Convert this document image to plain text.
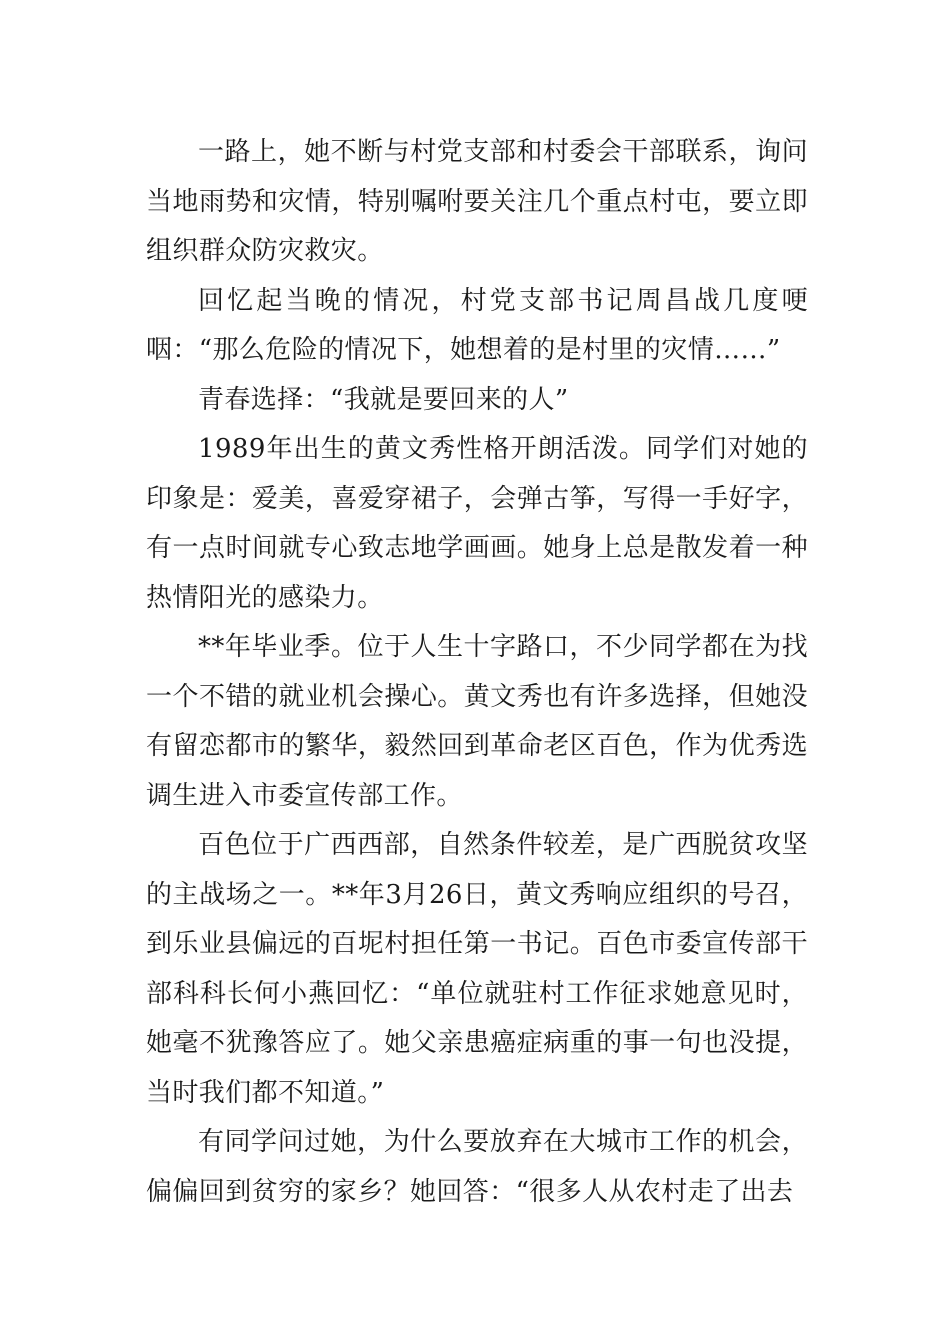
一路上，她不断与村党支部和村委会干部联系，询问当地雨势和灾情，特别嘱咐要关注几个重点村屯，要立即组织群众防灾救灾。

回忆起当晚的情况，村党支部书记周昌战几度哽咽：“那么危险的情况下，她想着的是村里的灾情……”

青春选择：“我就是要回来的人”

1989年出生的黄文秀性格开朗活泼。同学们对她的印象是：爱美，喜爱穿裙子，会弹古筝，写得一手好字，有一点时间就专心致志地学画画。她身上总是散发着一种热情阳光的感染力。

**年毕业季。位于人生十字路口，不少同学都在为找一个不错的就业机会操心。黄文秀也有许多选择，但她没有留恋都市的繁华，毅然回到革命老区百色，作为优秀选调生进入市委宣传部工作。

百色位于广西西部，自然条件较差，是广西脱贫攻坚的主战场之一。**年3月26日，黄文秀响应组织的号召，到乐业县偏远的百坭村担任第一书记。百色市委宣传部干部科科长何小燕回忆：“单位就驻村工作征求她意见时，她毫不犹豫答应了。她父亲患癌症病重的事一句也没提，当时我们都不知道。”

有同学问过她，为什么要放弃在大城市工作的机会，偏偏回到贫穷的家乡？她回答：“很多人从农村走了出去
